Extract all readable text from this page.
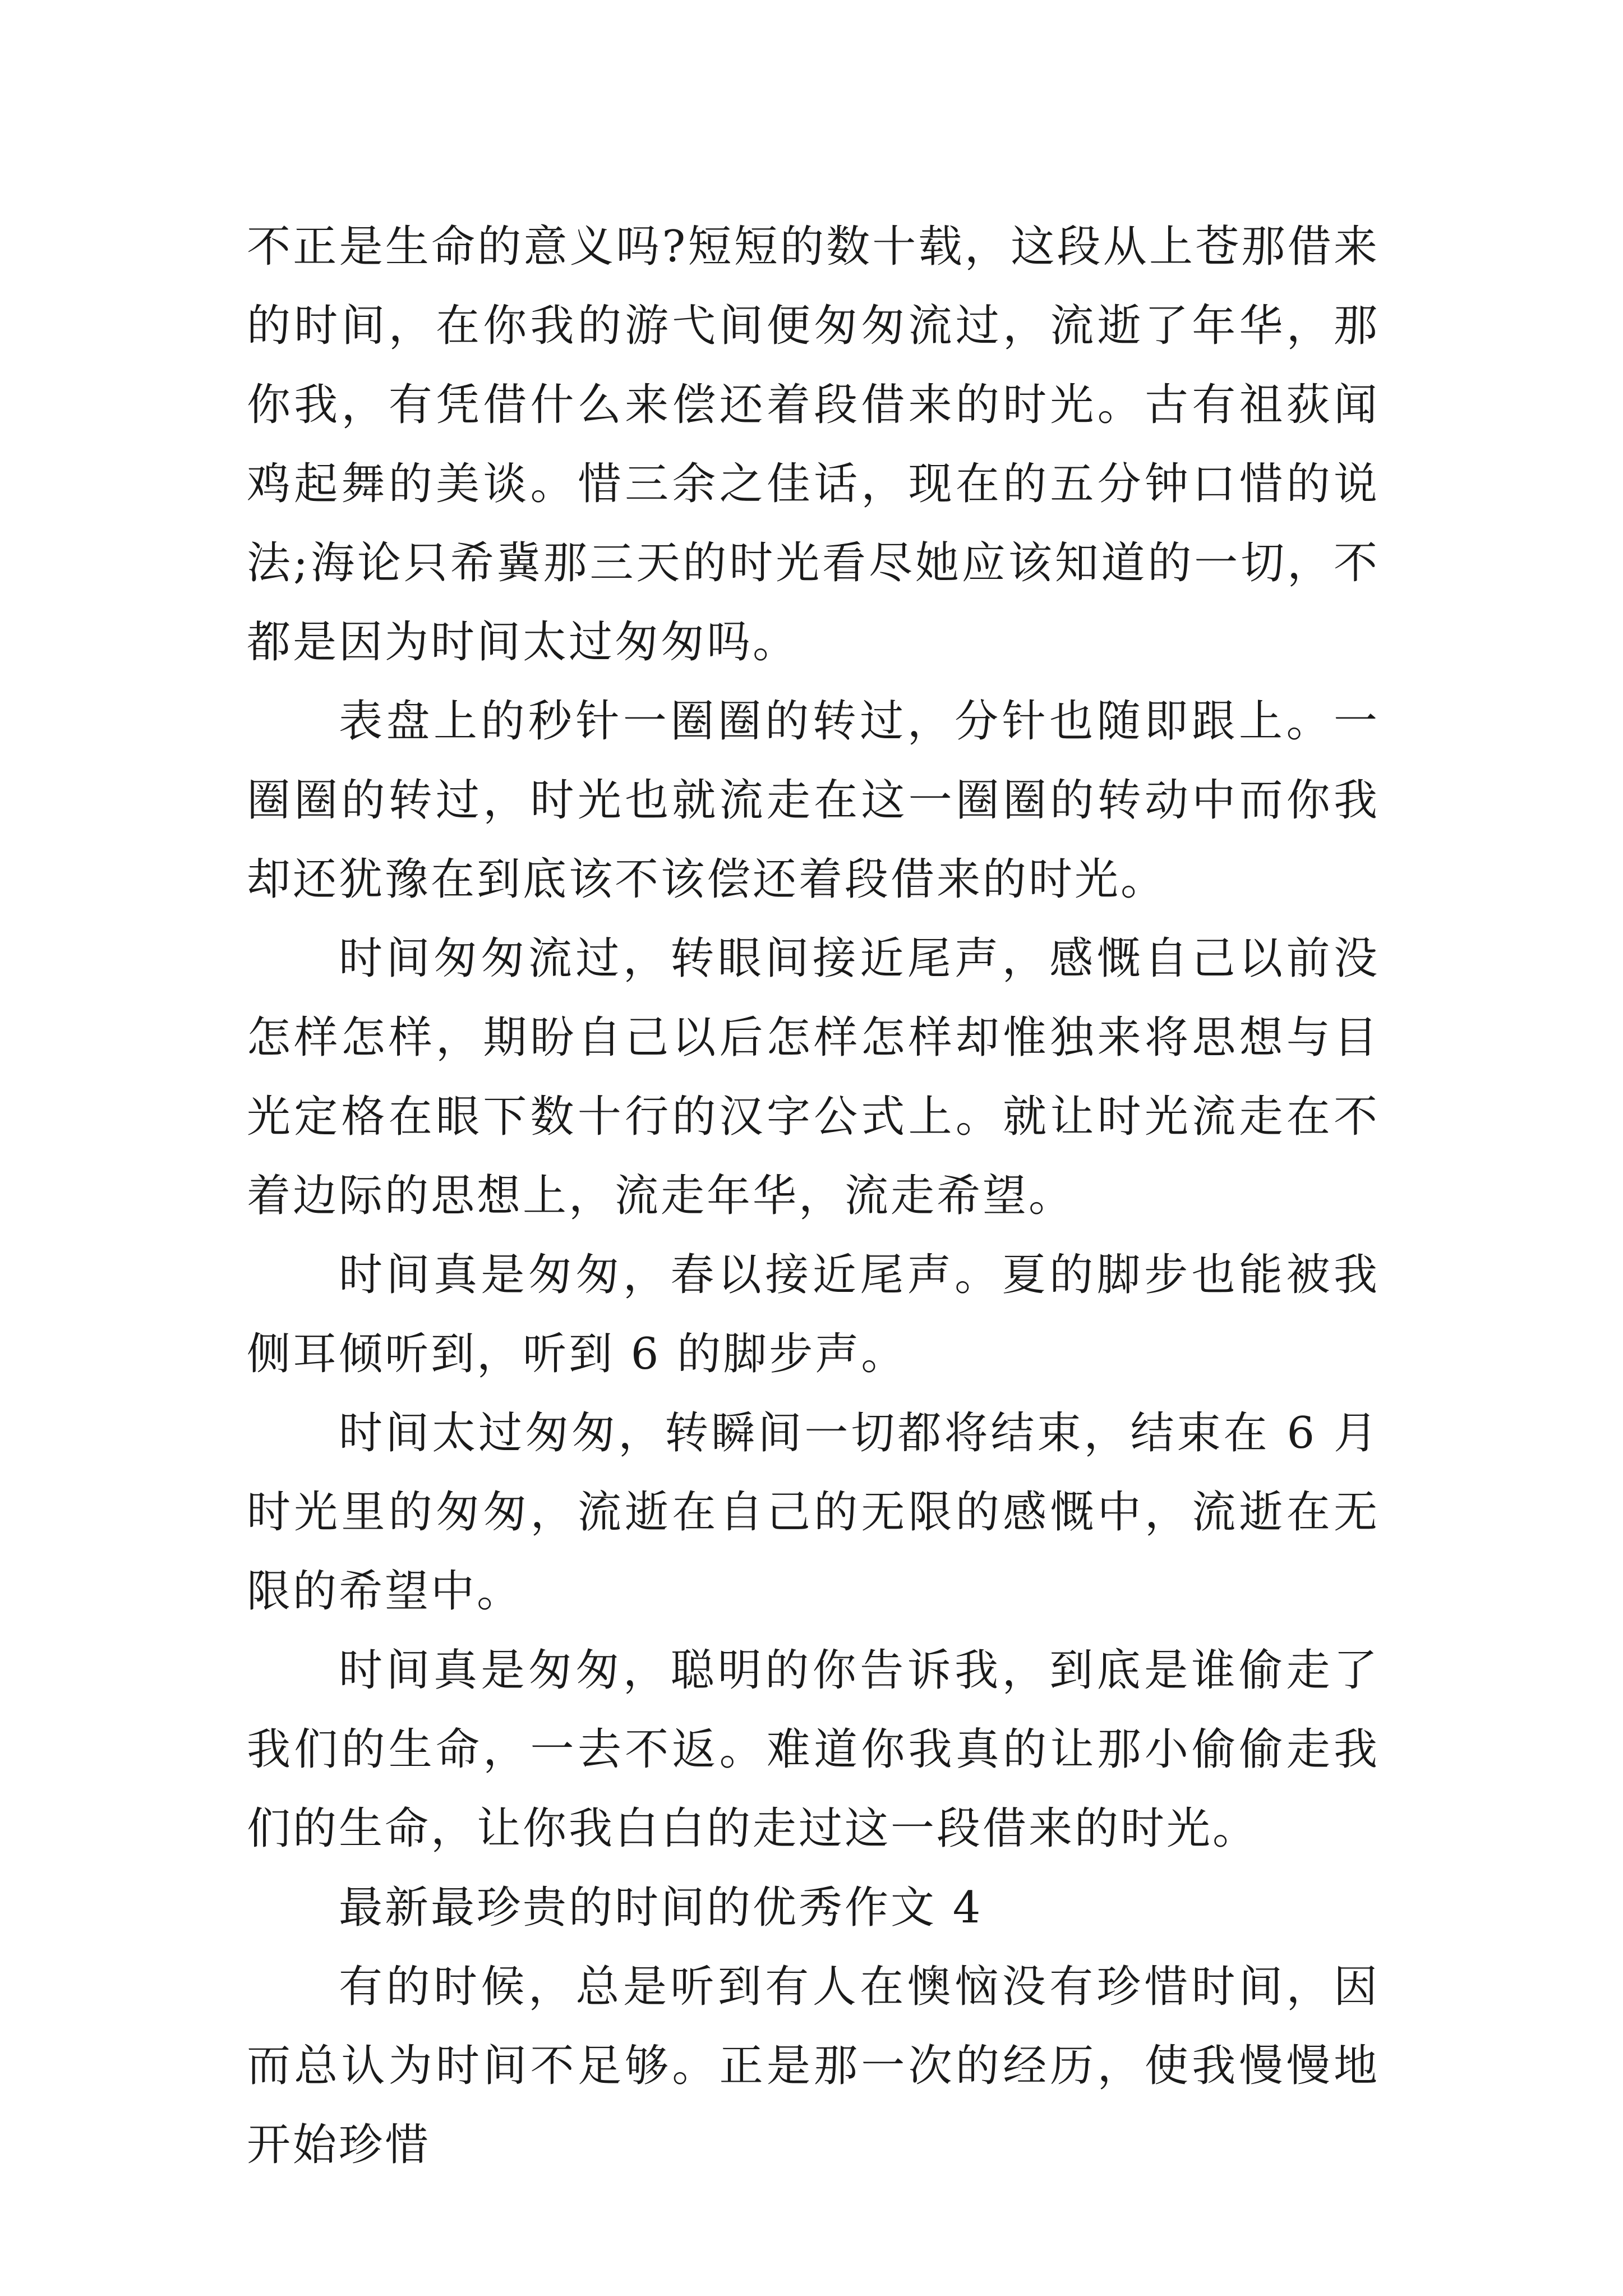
不正是生命的意义吗?短短的数十载，这段从上苍那借来的时间，在你我的游弋间便匆匆流过，流逝了年华，那你我，有凭借什么来偿还着段借来的时光。古有祖荻闻鸡起舞的美谈。惜三余之佳话，现在的五分钟口惜的说法;海论只希冀那三天的时光看尽她应该知道的一切，不都是因为时间太过匆匆吗。

表盘上的秒针一圈圈的转过，分针也随即跟上。一圈圈的转过，时光也就流走在这一圈圈的转动中而你我却还犹豫在到底该不该偿还着段借来的时光。

时间匆匆流过，转眼间接近尾声，感慨自己以前没怎样怎样，期盼自己以后怎样怎样却惟独来将思想与目光定格在眼下数十行的汉字公式上。就让时光流走在不着边际的思想上，流走年华，流走希望。

时间真是匆匆，春以接近尾声。夏的脚步也能被我侧耳倾听到，听到 6 的脚步声。

时间太过匆匆，转瞬间一切都将结束，结束在 6 月时光里的匆匆，流逝在自己的无限的感慨中，流逝在无限的希望中。

时间真是匆匆，聪明的你告诉我，到底是谁偷走了我们的生命，一去不返。难道你我真的让那小偷偷走我们的生命，让你我白白的走过这一段借来的时光。

最新最珍贵的时间的优秀作文 4

有的时候，总是听到有人在懊恼没有珍惜时间，因而总认为时间不足够。正是那一次的经历，使我慢慢地开始珍惜
